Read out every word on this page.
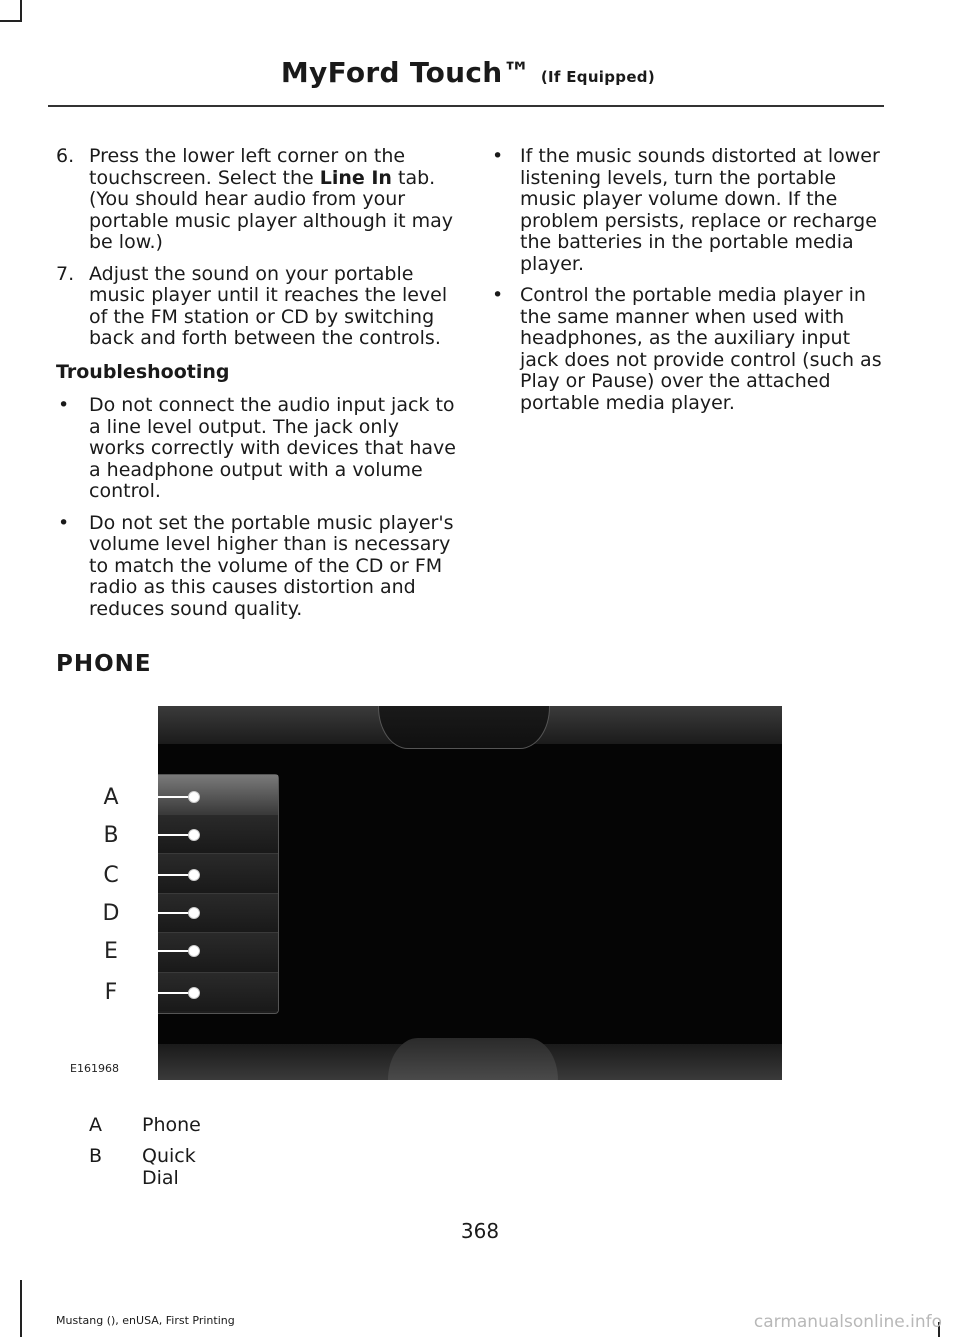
MyFord Touch™ (If Equipped)
6. Press the lower left corner on the touchscreen. Select the Line In tab. (You should hear audio from your portable music player although it may be low.)
7. Adjust the sound on your portable music player until it reaches the level of the FM station or CD by switching back and forth between the controls.
Troubleshooting
• Do not connect the audio input jack to a line level output. The jack only works correctly with devices that have a headphone output with a volume control.
• Do not set the portable music player's volume level higher than is necessary to match the volume of the CD or FM radio as this causes distortion and reduces sound quality.
• If the music sounds distorted at lower listening levels, turn the portable music player volume down. If the problem persists, replace or recharge the batteries in the portable media player.
• Control the portable media player in the same manner when used with headphones, as the auxiliary input jack does not provide control (such as Play or Pause) over the attached portable media player.
PHONE
A
B
C
D
E
F
E161968
A	Phone
B	Quick Dial
368
Mustang (), enUSA, First Printing	carmanualsonline.info
